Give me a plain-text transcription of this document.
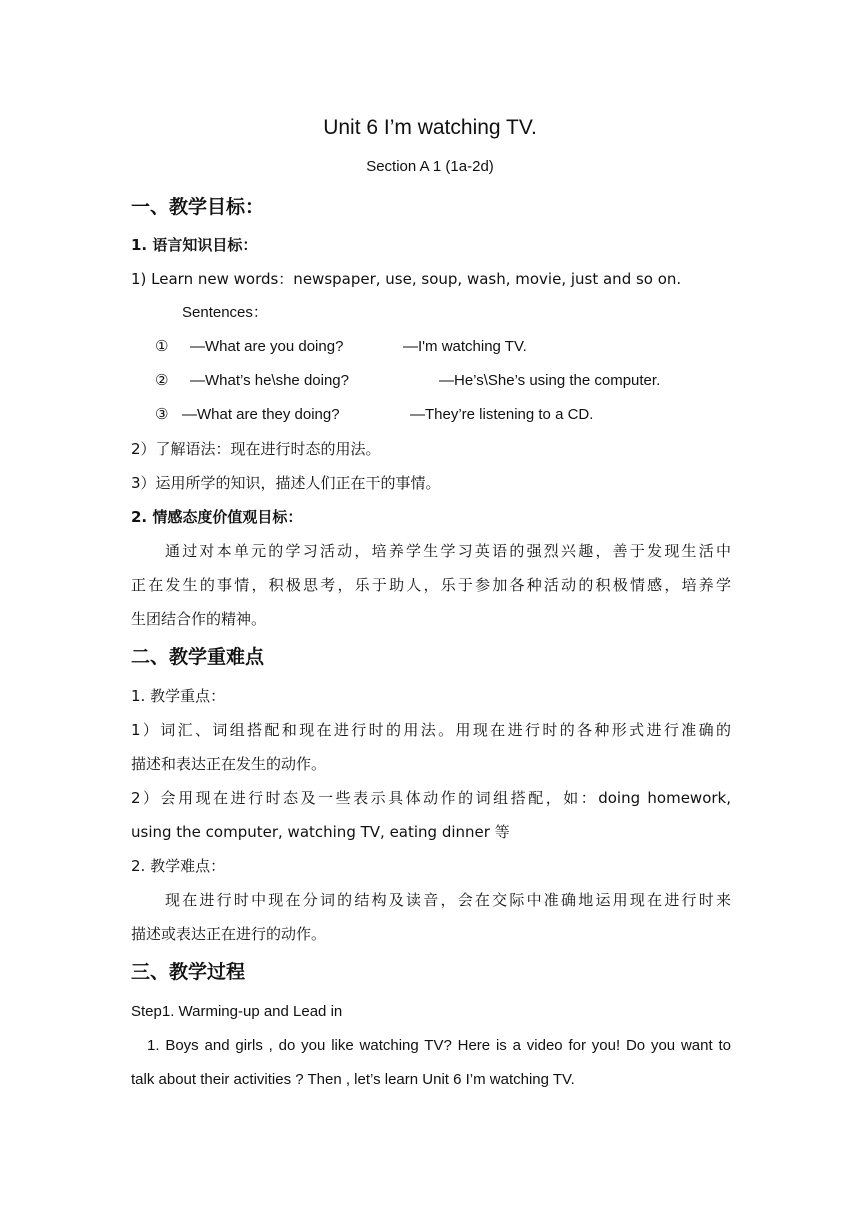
Unit 6 I’m watching TV.
Section A 1 (1a-2d)
一、教学目标：
1. 语言知识目标：
1) Learn new words：newspaper, use, soup, wash, movie, just and so on.
Sentences：
① —What are you doing?	—I'm watching TV.
② —What’s he\she doing?	—He’s\She’s using the computer.
③ —What are they doing?	—They’re listening to a CD.
2）了解语法：现在进行时态的用法。
3）运用所学的知识，描述人们正在干的事情。
2. 情感态度价值观目标：
通过对本单元的学习活动，培养学生学习英语的强烈兴趣，善于发现生活中
正在发生的事情，积极思考，乐于助人，乐于参加各种活动的积极情感，培养学
生团结合作的精神。
二、教学重难点
1. 教学重点：
1）词汇、词组搭配和现在进行时的用法。用现在进行时的各种形式进行准确的
描述和表达正在发生的动作。
2）会用现在进行时态及一些表示具体动作的词组搭配，如：doing homework,
using the computer, watching TV, eating dinner 等
2. 教学难点：
现在进行时中现在分词的结构及读音，会在交际中准确地运用现在进行时来
描述或表达正在进行的动作。
三、教学过程
Step1. Warming-up and Lead in
1. Boys and girls , do you like watching TV? Here is a video for you! Do you want to
talk about their activities ? Then , let’s learn Unit 6 I’m watching TV.
